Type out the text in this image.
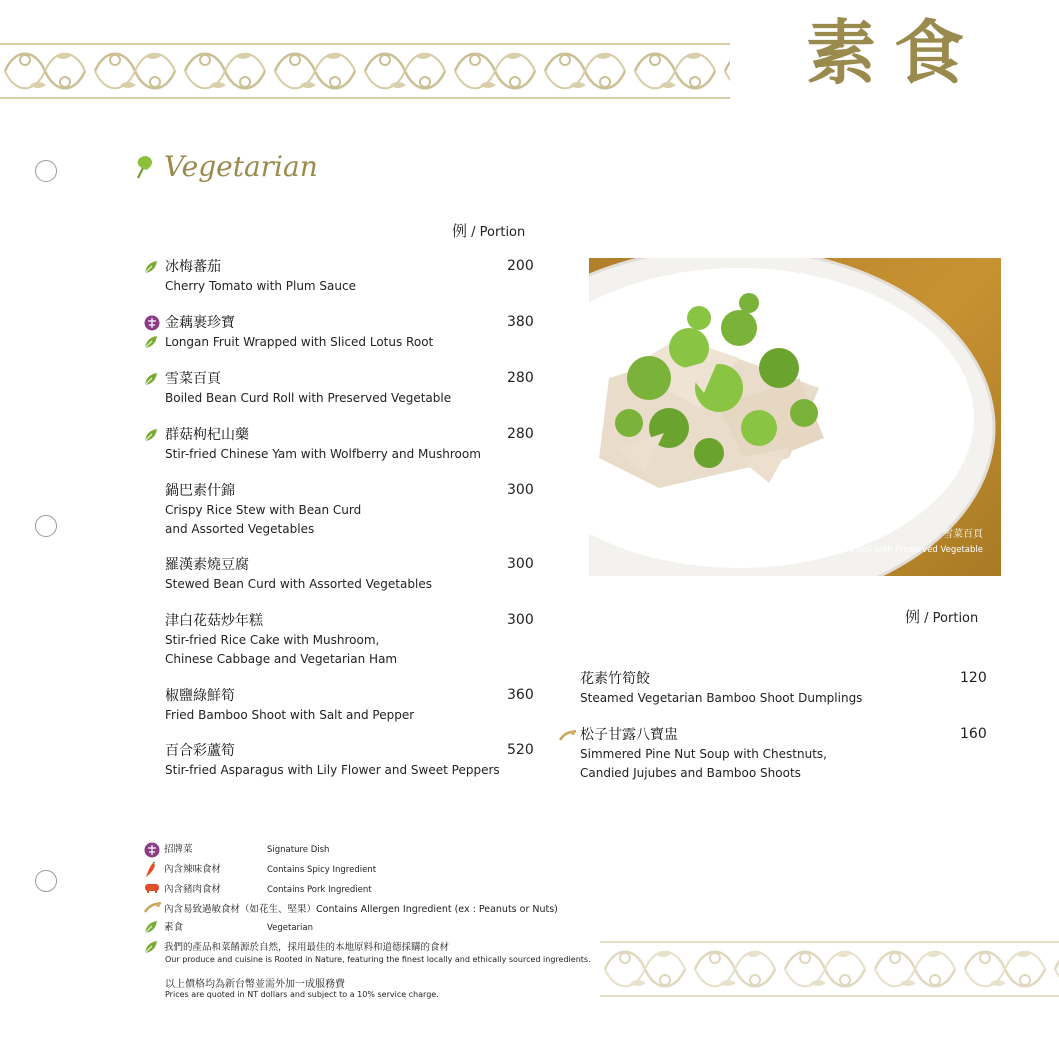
素食
Vegetarian
例 / Portion
冰梅蕃茄
Cherry Tomato with Plum Sauce
200
金藕裹珍寶
Longan Fruit Wrapped with Sliced Lotus Root
380
雪菜百頁
Boiled Bean Curd Roll with Preserved Vegetable
280
群菇枸杞山藥
Stir-fried Chinese Yam with Wolfberry and Mushroom
280
鍋巴素什錦
Crispy Rice Stew with Bean Curd
and Assorted Vegetables
300
羅漢素燒豆腐
Stewed Bean Curd with Assorted Vegetables
300
津白花菇炒年糕
Stir-fried Rice Cake with Mushroom,
Chinese Cabbage and Vegetarian Ham
300
椒鹽綠鮮筍
Fried Bamboo Shoot with Salt and Pepper
360
百合彩蘆筍
Stir-fried Asparagus with Lily Flower and Sweet Peppers
520
雪菜百頁
Boiled Bean Curd Roll with Preserved Vegetable
例 / Portion
花素竹筍餃
Steamed Vegetarian Bamboo Shoot Dumplings
120
松子甘露八寶盅
Simmered Pine Nut Soup with Chestnuts,
Candied Jujubes and Bamboo Shoots
160
招牌菜	Signature Dish
內含辣味食材	Contains Spicy Ingredient
內含豬肉食材	Contains Pork Ingredient
內含易致過敏食材（如花生、堅果）Contains Allergen Ingredient (ex : Peanuts or Nuts)
素食	Vegetarian
我們的產品和菜餚源於自然，採用最佳的本地原料和道德採購的食材
Our produce and cuisine is Rooted in Nature, featuring the finest locally and ethically sourced ingredients.
以上價格均為新台幣並需外加一成服務費
Prices are quoted in NT dollars and subject to a 10% service charge.
